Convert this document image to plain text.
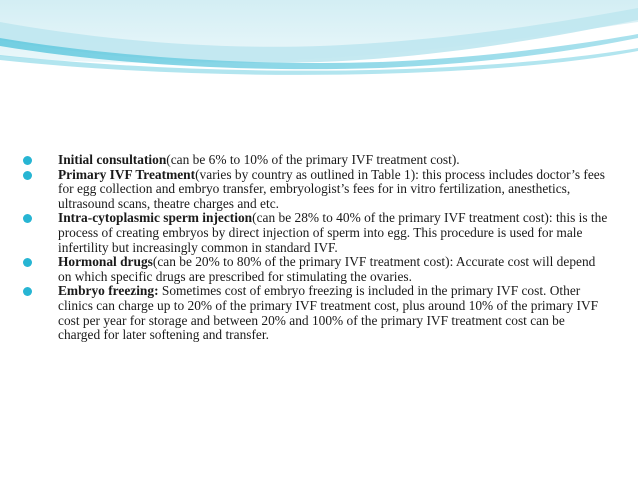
Initial consultation(can be 6% to 10% of the primary IVF treatment cost).
Primary IVF Treatment(varies by country as outlined in Table 1): this process includes doctor’s fees for egg collection and embryo transfer, embryologist’s fees for in vitro fertilization, anesthetics, ultrasound scans, theatre charges and etc.
Intra-cytoplasmic sperm injection(can be 28% to 40% of the primary IVF treatment cost): this is the process of creating embryos by direct injection of sperm into egg. This procedure is used for male infertility but increasingly common in standard IVF.
Hormonal drugs(can be 20% to 80% of the primary IVF treatment cost): Accurate cost will depend on which specific drugs are prescribed for stimulating the ovaries.
Embryo freezing: Sometimes cost of embryo freezing is included in the primary IVF cost. Other clinics can charge up to 20% of the primary IVF treatment cost, plus around 10% of the primary IVF cost per year for storage and between 20% and 100% of the primary IVF treatment cost can be charged for later softening and transfer.
